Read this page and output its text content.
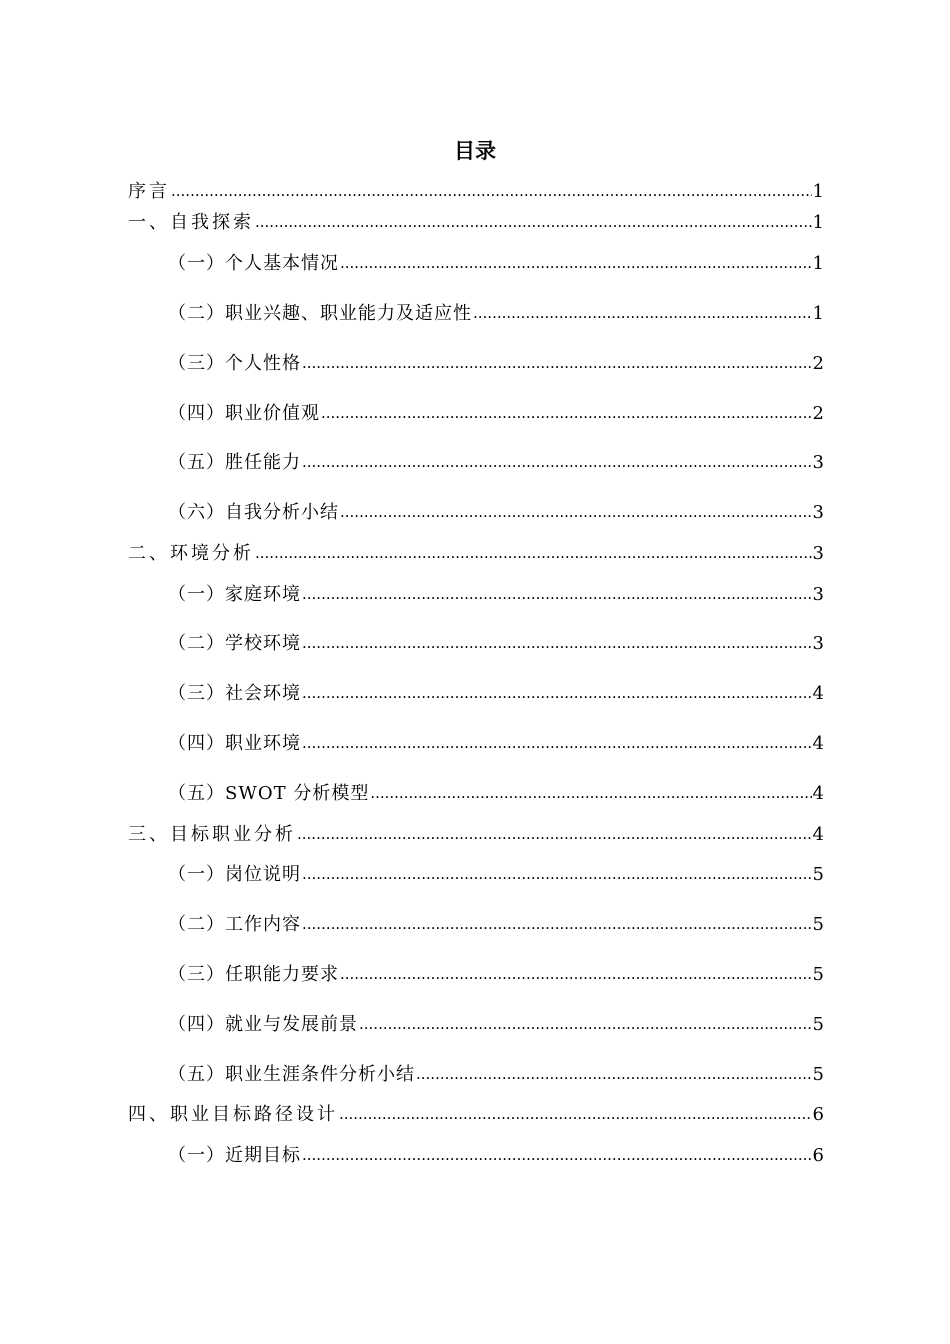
目录
序言 .....	1
一、自我探索 .....	1
（一）个人基本情况 .....	1
（二）职业兴趣、职业能力及适应性 .....	1
（三）个人性格 .....	2
（四）职业价值观 .....	2
（五）胜任能力 .....	3
（六）自我分析小结 .....	3
二、环境分析 .....	3
（一）家庭环境 .....	3
（二）学校环境 .....	3
（三）社会环境 .....	4
（四）职业环境 .....	4
（五）SWOT 分析模型 .....	4
三、目标职业分析 .....	4
（一）岗位说明 .....	5
（二）工作内容 .....	5
（三）任职能力要求 .....	5
（四）就业与发展前景 .....	5
（五）职业生涯条件分析小结 .....	5
四、职业目标路径设计 .....	6
（一）近期目标 .....	6
